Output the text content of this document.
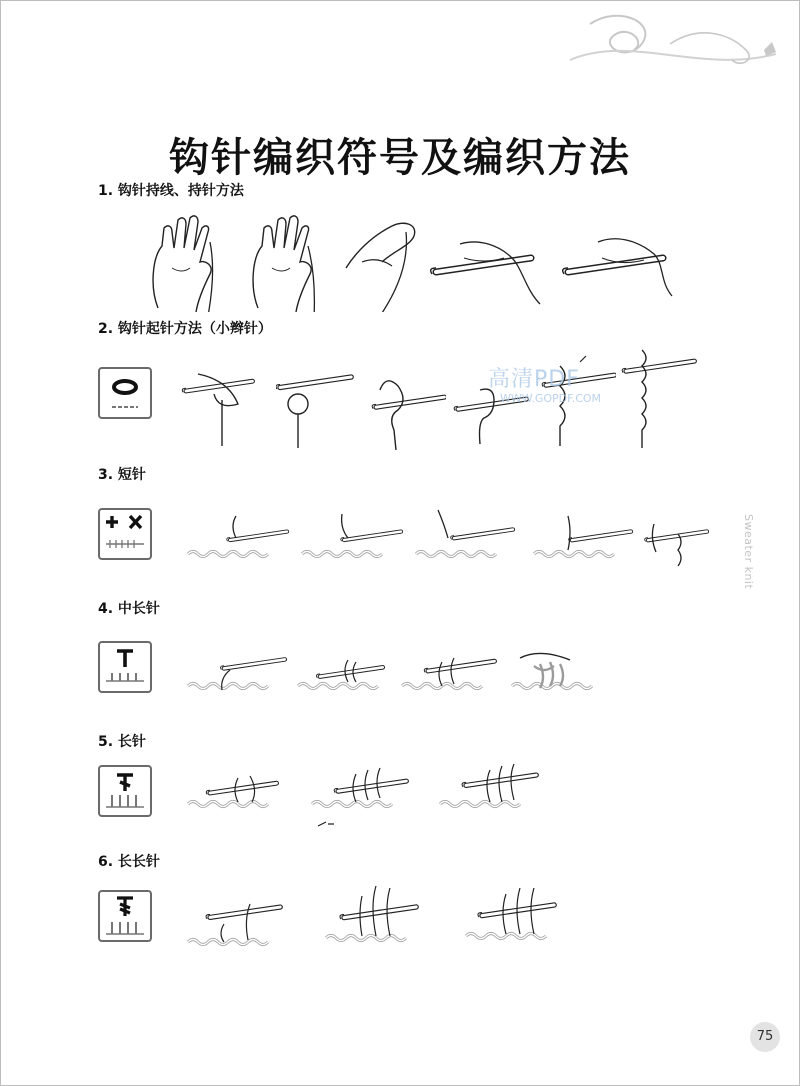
钩针编织符号及编织方法
1. 钩针持线、持针方法
2. 钩针起针方法（小辫针）
高清PDF
WWW.GOPDF.COM
3. 短针
Sweater knit
4. 中长针
5. 长针
6. 长长针
75
